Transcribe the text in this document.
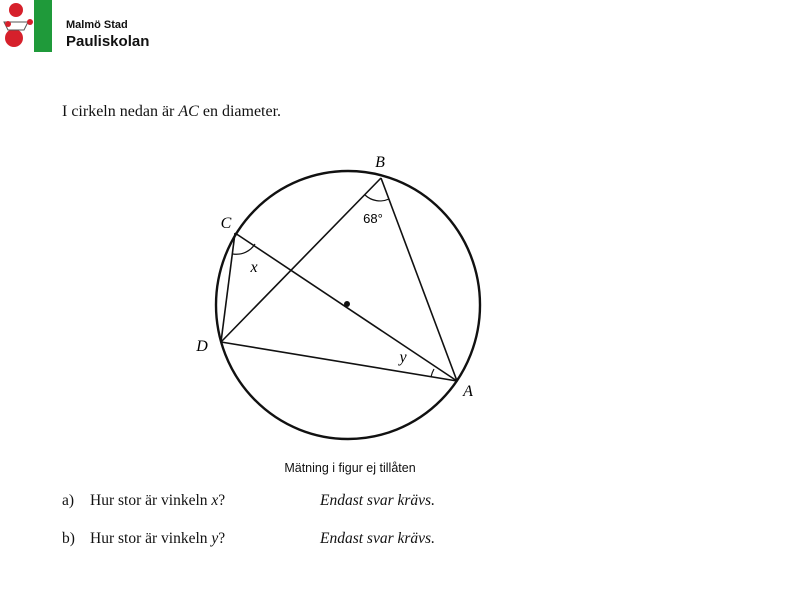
Malmö Stad
Pauliskolan
I cirkeln nedan är AC en diameter.
B
C
D
A
68°
x
y
Mätning i figur ej tillåten
a) Hur stor är vinkeln x?	Endast svar krävs.
b) Hur stor är vinkeln y?	Endast svar krävs.
